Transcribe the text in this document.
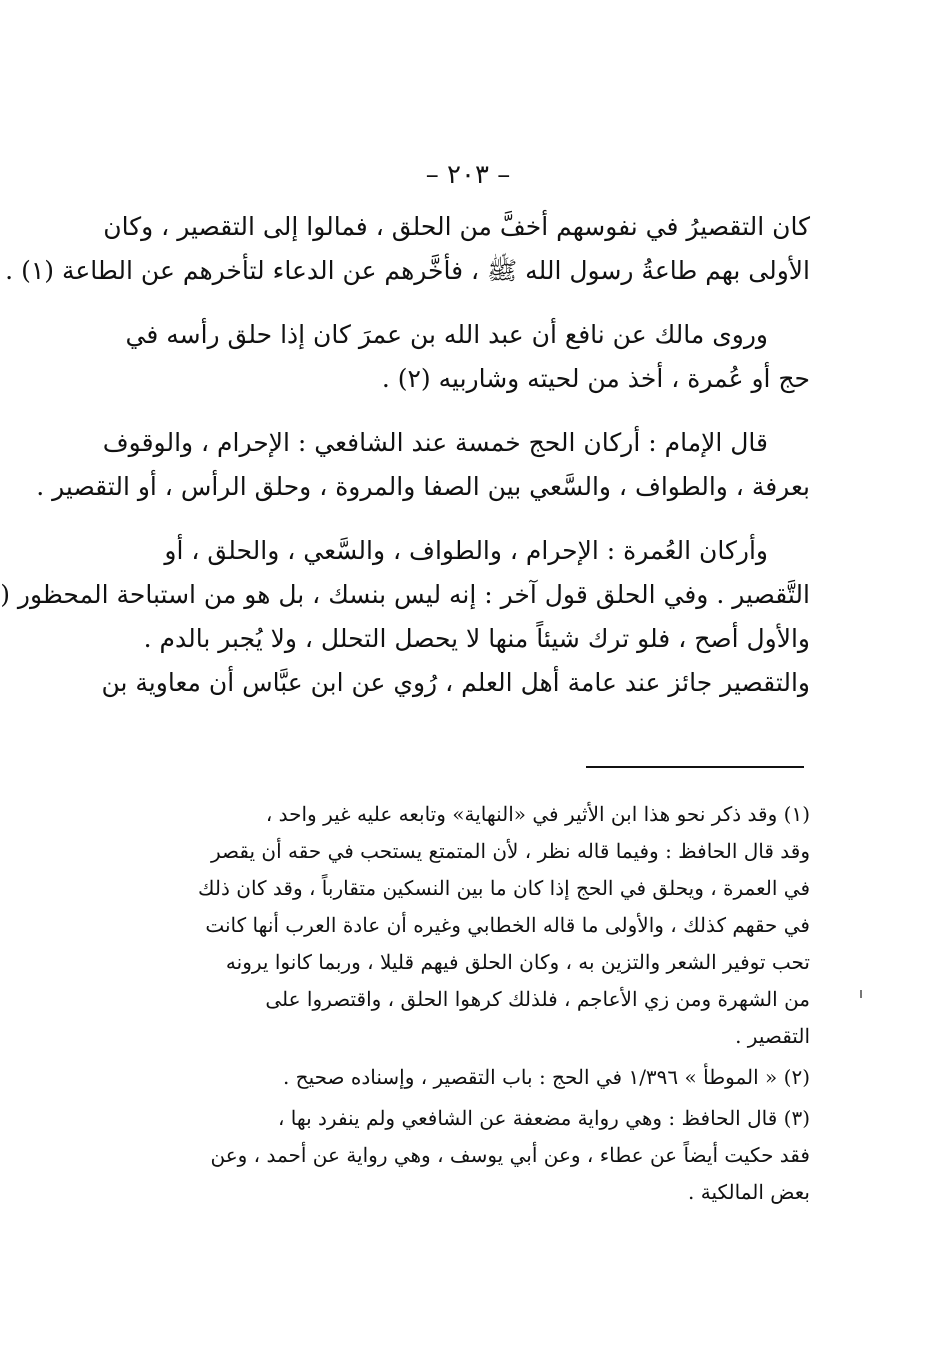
– ٢٠٣ –

كان التقصيرُ في نفوسهم أخفَّ من الحلق ، فمالوا إلى التقصير ، وكان
الأولى بهم طاعةُ رسول الله ﷺ ، فأخَّرهم عن الدعاء لتأخرهم عن الطاعة (١) .

وروى مالك عن نافع أن عبد الله بن عمرَ كان إذا حلق رأسه في
حج أو عُمرة ، أخذ من لحيته وشاربيه (٢) .

قال الإمام : أركان الحج خمسة عند الشافعي : الإحرام ، والوقوف
بعرفة ، والطواف ، والسَّعي بين الصفا والمروة ، وحلق الرأس ، أو التقصير .

وأركان العُمرة : الإحرام ، والطواف ، والسَّعي ، والحلق ، أو
التَّقصير . وفي الحلق قول آخر : إنه ليس بنسك ، بل هو من استباحة المحظور (
والأول أصح ، فلو ترك شيئاً منها لا يحصل التحلل ، ولا يُجبر بالدم .
والتقصير جائز عند عامة أهل العلم ، رُوي عن ابن عبَّاس أن معاوية بن

(١) وقد ذكر نحو هذا ابن الأثير في «النهاية» وتابعه عليه غير واحد ،
وقد قال الحافظ : وفيما قاله نظر ، لأن المتمتع يستحب في حقه أن يقصر
في العمرة ، ويحلق في الحج إذا كان ما بين النسكين متقارباً ، وقد كان ذلك
في حقهم كذلك ، والأولى ما قاله الخطابي وغيره أن عادة العرب أنها كانت
تحب توفير الشعر والتزين به ، وكان الحلق فيهم قليلا ، وربما كانوا يرونه
من الشهرة ومن زي الأعاجم ، فلذلك كرهوا الحلق ، واقتصروا على
التقصير .

(٢) « الموطأ » ١/٣٩٦ في الحج : باب التقصير ، وإسناده صحيح .

(٣) قال الحافظ : وهي رواية مضعفة عن الشافعي ولم ينفرد بها ،
فقد حكيت أيضاً عن عطاء ، وعن أبي يوسف ، وهي رواية عن أحمد ، وعن
بعض المالكية .
